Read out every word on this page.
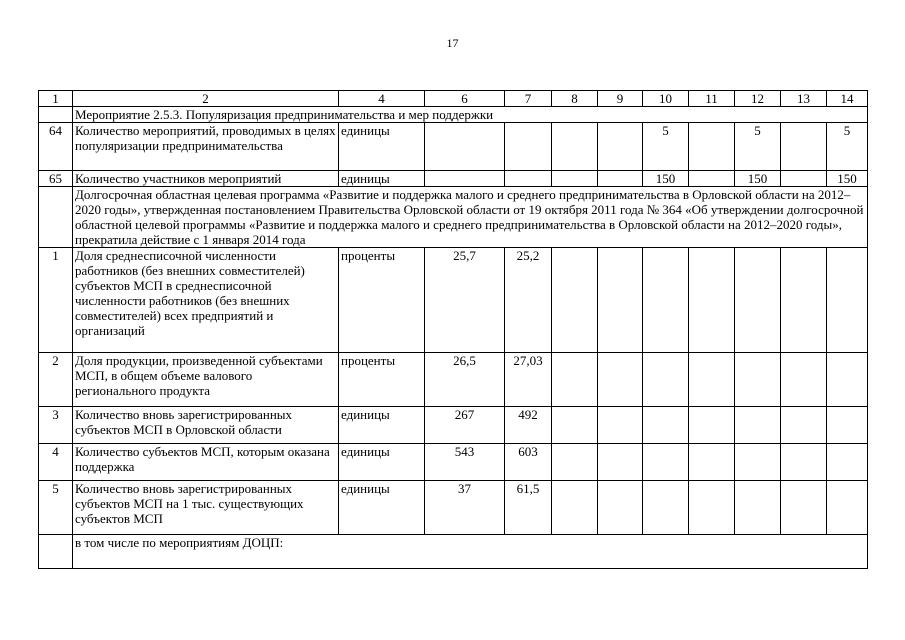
17
1	2	4	6	7	8	9	10	11	12	13	14
	Мероприятие 2.5.3. Популяризация предпринимательства и мер поддержки										
64	Количество мероприятий, проводимых в целях популяризации предпринимательства	единицы					5		5		5
65	Количество участников мероприятий	единицы					150		150		150
	Долгосрочная областная целевая программа «Развитие и поддержка малого и среднего предпринимательства в Орловской области на 2012–2020 годы», утвержденная постановлением Правительства Орловской области от 19 октября 2011 года № 364 «Об утверждении долгосрочной областной целевой программы «Развитие и поддержка малого и среднего предпринимательства в Орловской области на 2012–2020 годы», прекратила действие с 1 января 2014 года										
1	Доля среднесписочной численности работников (без внешних совместителей) субъектов МСП в среднесписочной численности работников (без внешних совместителей) всех предприятий и организаций	проценты	25,7	25,2							
2	Доля продукции, произведенной субъектами МСП, в общем объеме валового регионального продукта	проценты	26,5	27,03							
3	Количество вновь зарегистрированных субъектов МСП в Орловской области	единицы	267	492							
4	Количество субъектов МСП, которым оказана поддержка	единицы	543	603							
5	Количество вновь зарегистрированных субъектов МСП на 1 тыс. существующих субъектов МСП	единицы	37	61,5							
	в том числе по мероприятиям ДОЦП:										
